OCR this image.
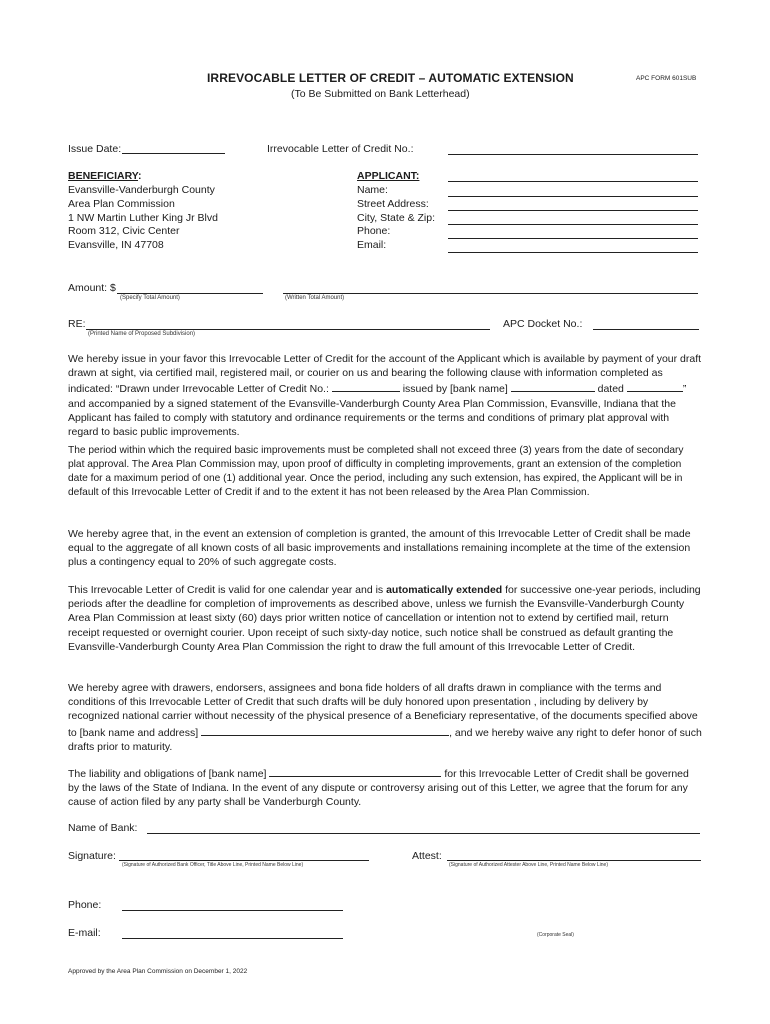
IRREVOCABLE LETTER OF CREDIT – AUTOMATIC EXTENSION
(To Be Submitted on Bank Letterhead)
APC FORM 601SUB
Issue Date:	Irrevocable Letter of Credit No.:
BENEFICIARY:
Evansville-Vanderburgh County
Area Plan Commission
1 NW Martin Luther King Jr Blvd
Room 312, Civic Center
Evansville, IN 47708
APPLICANT:
Name:
Street Address:
City, State & Zip:
Phone:
Email:
Amount: $
(Specify Total Amount)	(Written Total Amount)
RE:
(Printed Name of Proposed Subdivision)
APC Docket No.:

We hereby issue in your favor this Irrevocable Letter of Credit for the account of the Applicant which is available by payment of your draft drawn at sight, via certified mail, registered mail, or courier on us and bearing the following clause with information completed as indicated: “Drawn under Irrevocable Letter of Credit No.:	issued by [bank name]	dated	” and accompanied by a signed statement of the Evansville-Vanderburgh County Area Plan Commission, Evansville, Indiana that the Applicant has failed to comply with statutory and ordinance requirements or the terms and conditions of primary plat approval with regard to basic public improvements.

The period within which the required basic improvements must be completed shall not exceed three (3) years from the date of secondary plat approval. The Area Plan Commission may, upon proof of difficulty in completing improvements, grant an extension of the completion date for a maximum period of one (1) additional year. Once the period, including any such extension, has expired, the Applicant will be in default of this Irrevocable Letter of Credit if and to the extent it has not been released by the Area Plan Commission.
We hereby agree that, in the event an extension of completion is granted, the amount of this Irrevocable Letter of Credit shall be made equal to the aggregate of all known costs of all basic improvements and installations remaining incomplete at the time of the extension plus a contingency equal to 20% of such aggregate costs.

This Irrevocable Letter of Credit is valid for one calendar year and is automatically extended for successive one-year periods, including periods after the deadline for completion of improvements as described above, unless we furnish the Evansville-Vanderburgh County Area Plan Commission at least sixty (60) days prior written notice of cancellation or intention not to extend by certified mail, return receipt requested or overnight courier. Upon receipt of such sixty-day notice, such notice shall be construed as default granting the Evansville-Vanderburgh County Area Plan Commission the right to draw the full amount of this Irrevocable Letter of Credit.

We hereby agree with drawers, endorsers, assignees and bona fide holders of all drafts drawn in compliance with the terms and conditions of this Irrevocable Letter of Credit that such drafts will be duly honored upon presentation , including by delivery by recognized national carrier without necessity of the physical presence of a Beneficiary representative, of the documents specified above to [bank name and address]	, and we hereby waive any right to defer honor of such drafts prior to maturity.

The liability and obligations of [bank name]	for this Irrevocable Letter of Credit shall be governed by the laws of the State of Indiana. In the event of any dispute or controversy arising out of this Letter, we agree that the forum for any cause of action filed by any party shall be Vanderburgh County.

Name of Bank:
Signature:
(Signature of Authorized Bank Officer, Title Above Line, Printed Name Below Line)
Attest:
(Signature of Authorized Attester Above Line, Printed Name Below Line)
Phone:
E-mail:	(Corporate Seal)
Approved by the Area Plan Commission on December 1, 2022
